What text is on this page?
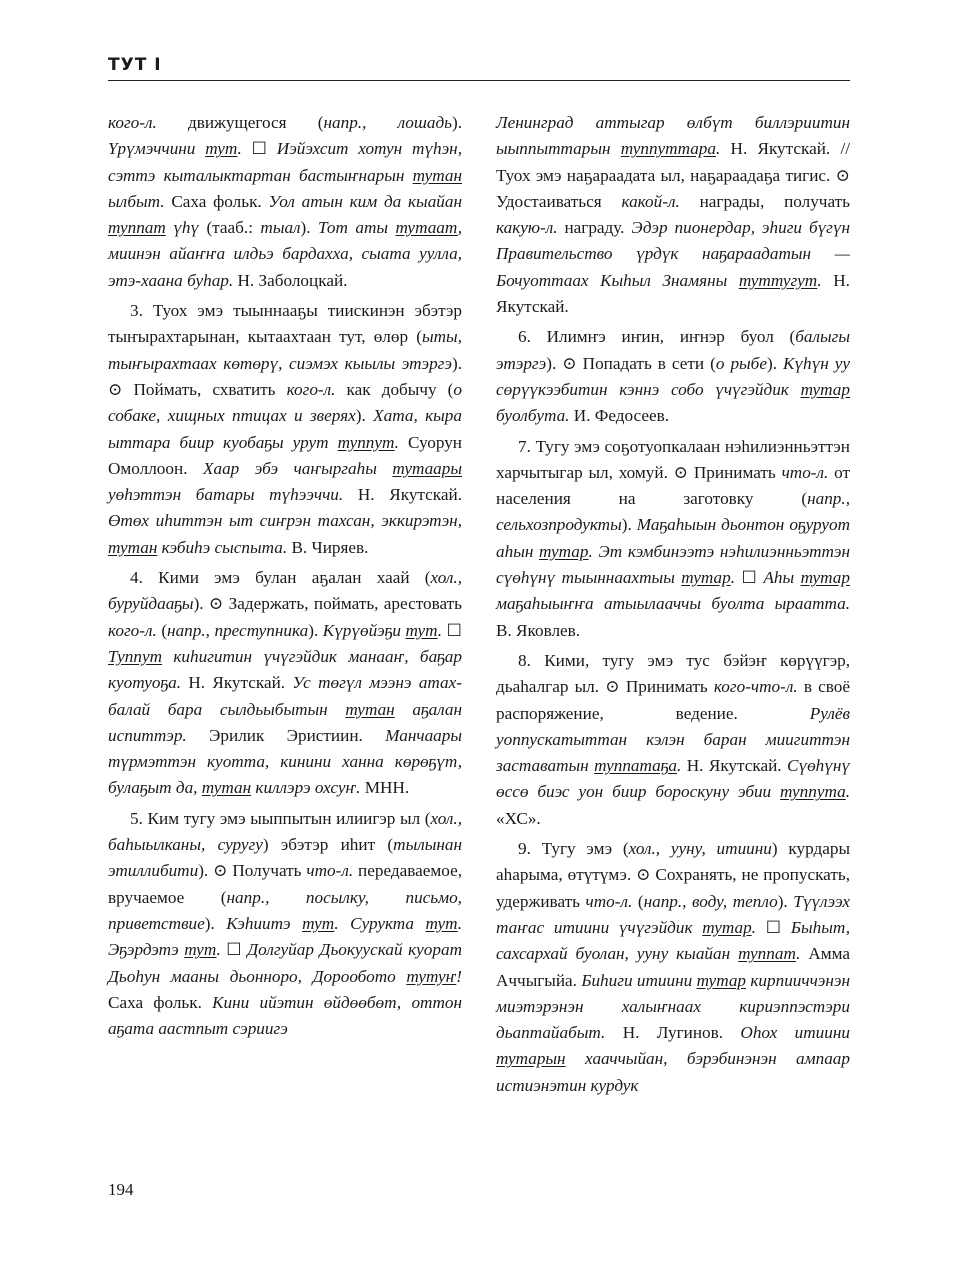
ТУТ I

кого-л. движущегося (напр., лошадь). Үрүмэччини тут. ☐ Иэйэхсит хотун түһэн, сэттэ кыталыктартан бастыҥнарын тутан ылбыт. Саха фольк. Уол атын ким да кыайан туппат үһү (тааб.: тыал). Тот аты тутаат, миинэн айаҥҥа илдьэ бардахха, сыата уулла, этэ-хаана буһар. Н. Заболоцкай.

3. Туох эмэ тыыннааҕы тиискинэн эбэтэр тыҥырахтарынан, кытаахтаан тут, өлөр (ыты, тыҥырахтаах көтөрү, сиэмэх кыылы этэргэ). ⊙ Поймать, схватить кого-л. как добычу (о собаке, хищных птицах и зверях). Хата, кыра ыттара биир куобаҕы урут туппут. Суорун Омоллоон. Хаар эбэ чаҥыргаhы тутаары уөһэттэн батары түһээччи. Н. Якутскай. Өтөх иһиттэн ыт сиҥрэн тахсан, эккирэтэн, тутан кэбиһэ сыспыта. В. Чиряев.

4. Кими эмэ булан аҕалан хаай (хол., буруйдааҕы). ⊙ Задержать, поймать, арестовать кого-л. (напр., преступника). Күрүөйэҕи тут. ☐ Туппут киһигитин үчүгэйдик манааҥ, баҕар куотуоҕа. Н. Якутскай. Ус төгүл мээнэ атах-балай бара сылдьыбытын тутан аҕалан испиттэр. Эрилик Эристиин. Манчаары түрмэттэн куотта, кинини ханна көрөҕүт, булаҕыт да, тутан киллэрэ охсуҥ. МНН.

5. Ким тугу эмэ ыыппытын илиигэр ыл (хол., баhыылканы, суругу) эбэтэр иһит (тылынан этиллибити). ⊙ Получать что-л. передаваемое, вручаемое (напр., посылку, письмо, приветствие). Кэһиитэ тут. Сурукта тут. Эҕэрдэтэ тут. ☐ Долгуйар Дьокуускай куорат Дьоһун мааны дьонноро, Дорообото тутуҥ! Саха фольк. Кини ийэтин өйдөөбөт, оттон аҕата аастпыт сэриигэ

Ленинград аттыгар өлбүт биллэриитин ыыппыттарын туппуттара. Н. Якутскай. // Туох эмэ наҕараадата ыл, наҕараадаҕа тигис. ⊙ Удостаиваться какой-л. награды, получать какую-л. награду. Эдэр пионердар, эһиги бүгүн Правительство үрдүк наҕараадатын — Бочуоттаах Кыһыл Знамяны туттугут. Н. Якутскай.

6. Илимҥэ иҥин, иҥнэр буол (балыгы этэргэ). ⊙ Попадать в сети (о рыбе). Күһүн уу сөрүүкээбитин кэннэ собо үчүгэйдик тутар буолбута. И. Федосеев.

7. Тугу эмэ соҕотуопкалаан нэһилиэнньэттэн харчытыгар ыл, хомуй. ⊙ Принимать что-л. от населения на заготовку (напр., сельхозпродукты). Маҕаһыын дьонтон оҕуруот аһын тутар. Эт кэмбинээтэ нэһилиэнньэттэн сүөһүнү тыыннаахтыы тутар. ☐ Аһы тутар маҕаһыыҥҥа атыылааччы буолта ыраатта. В. Яковлев.

8. Кими, тугу эмэ тус бэйэҥ көрүүгэр, дьаһалгар ыл. ⊙ Принимать кого-что-л. в своё распоряжение, ведение. Рулёв уоппускатыттан кэлэн баран миигиттэн заставатын туппатаҕа. Н. Якутскай. Сүөһүнү өссө биэс уон биир бороскуну эбии туппута. «ХС».

9. Тугу эмэ (хол., ууну, итиини) курдары аһарыма, өтүтүмэ. ⊙ Сохранять, не пропускать, удерживать что-л. (напр., воду, тепло). Түүлээх таҥас итиини үчүгэйдик тутар. ☐ Быһыт, сахсархай буолан, ууну кыайан туппат. Амма Аччыгыйа. Биһиги итиини тутар кирпииччэнэн миэтэрэнэн халыҥнаах кириэппэстэри дьаптайабыт. Н. Лугинов. Оһох итиини тутарын хааччыйан, бэрэбинэнэн ампаар истиэнэтин курдук

194
